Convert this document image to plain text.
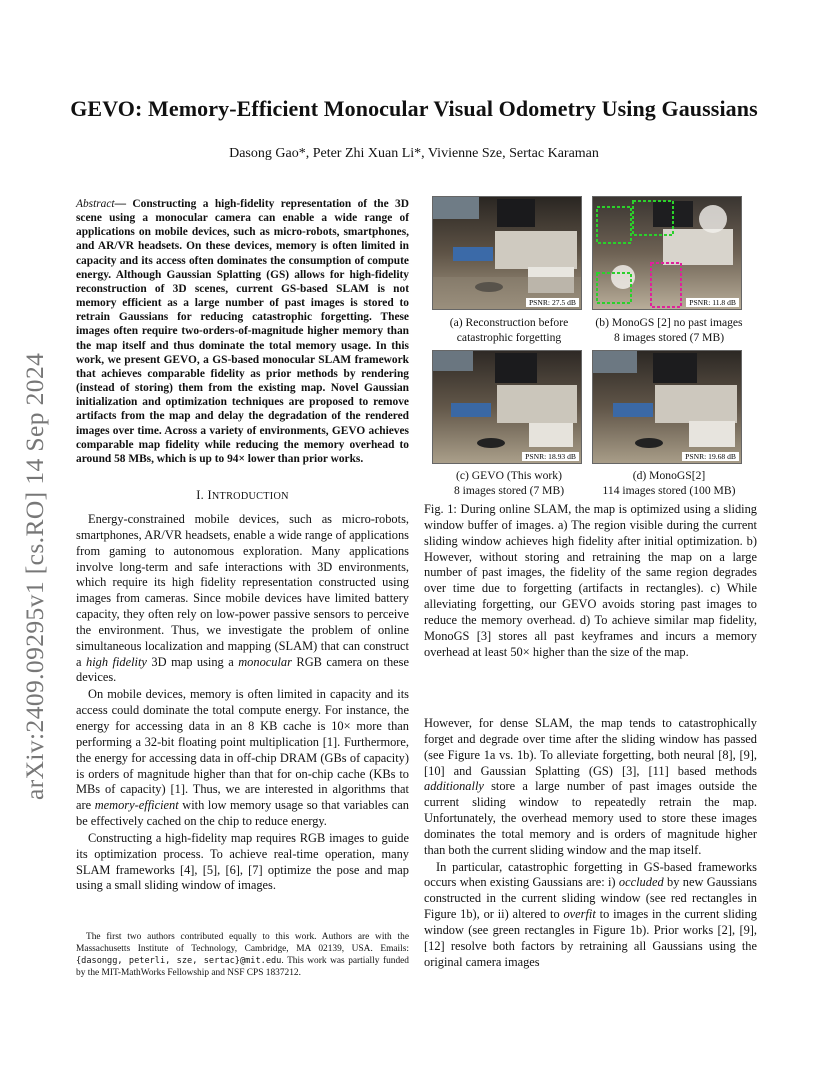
GEVO: Memory-Efficient Monocular Visual Odometry Using Gaussians
Dasong Gao*, Peter Zhi Xuan Li*, Vivienne Sze, Sertac Karaman
arXiv:2409.09295v1 [cs.RO] 14 Sep 2024
Abstract— Constructing a high-fidelity representation of the 3D scene using a monocular camera can enable a wide range of applications on mobile devices, such as micro-robots, smartphones, and AR/VR headsets. On these devices, memory is often limited in capacity and its access often dominates the consumption of compute energy. Although Gaussian Splatting (GS) allows for high-fidelity reconstruction of 3D scenes, current GS-based SLAM is not memory efficient as a large number of past images is stored to retrain Gaussians for reducing catastrophic forgetting. These images often require two-orders-of-magnitude higher memory than the map itself and thus dominate the total memory usage. In this work, we present GEVO, a GS-based monocular SLAM framework that achieves comparable fidelity as prior methods by rendering (instead of storing) them from the existing map. Novel Gaussian initialization and optimization techniques are proposed to remove artifacts from the map and delay the degradation of the rendered images over time. Across a variety of environments, GEVO achieves comparable map fidelity while reducing the memory overhead to around 58 MBs, which is up to 94× lower than prior works.
I. INTRODUCTION

Energy-constrained mobile devices, such as micro-robots, smartphones, AR/VR headsets, enable a wide range of applications from gaming to autonomous exploration. Many applications involve long-term and safe interactions with 3D environments, which require its high fidelity representation constructed using images from cameras. Since mobile devices have limited battery capacity, they often rely on low-power passive sensors to perceive the environment. Thus, we investigate the problem of online simultaneous localization and mapping (SLAM) that can construct a high fidelity 3D map using a monocular RGB camera on these devices.

On mobile devices, memory is often limited in capacity and its access could dominate the total compute energy. For instance, the energy for accessing data in an 8 KB cache is 10× more than performing a 32-bit floating point multiplication [1]. Furthermore, the energy for accessing data in off-chip DRAM (GBs of capacity) is orders of magnitude higher than that for on-chip cache (KBs to MBs of capacity) [1]. Thus, we are interested in algorithms that are memory-efficient with low memory usage so that variables can be effectively cached on the chip to reduce energy.

Constructing a high-fidelity map requires RGB images to guide its optimization process. To achieve real-time operation, many SLAM frameworks [4], [5], [6], [7] optimize the pose and map using a small sliding window of images.

The first two authors contributed equally to this work. Authors are with the Massachusetts Institute of Technology, Cambridge, MA 02139, USA. Emails: {dasongg, peterli, sze, sertac}@mit.edu. This work was partially funded by the MIT-MathWorks Fellowship and NSF CPS 1837212.

PSNR: 27.5 dB	PSNR: 11.8 dB
(a) Reconstruction before
catastrophic forgetting
(b) MonoGS [2] no past images
8 images stored (7 MB)
PSNR: 18.93 dB	PSNR: 19.68 dB
(c) GEVO (This work)
8 images stored (7 MB)
(d) MonoGS[2]
114 images stored (100 MB)
Fig. 1: During online SLAM, the map is optimized using a sliding window buffer of images. a) The region visible during the current sliding window achieves high fidelity after initial optimization. b) However, without storing and retraining the map on a large number of past images, the fidelity of the same region degrades over time due to forgetting (artifacts in rectangles). c) While alleviating forgetting, our GEVO avoids storing past images to reduce the memory overhead. d) To achieve similar map fidelity, MonoGS [3] stores all past keyframes and incurs a memory overhead at least 50× higher than the size of the map.

However, for dense SLAM, the map tends to catastrophically forget and degrade over time after the sliding window has passed (see Figure 1a vs. 1b). To alleviate forgetting, both neural [8], [9], [10] and Gaussian Splatting (GS) [3], [11] based methods additionally store a large number of past images outside the current sliding window to repeatedly retrain the map. Unfortunately, the overhead memory used to store these images dominates the total memory and is orders of magnitude higher than both the current sliding window and the map itself.

In particular, catastrophic forgetting in GS-based frameworks occurs when existing Gaussians are: i) occluded by new Gaussians constructed in the current sliding window (see red rectangles in Figure 1b), or ii) altered to overfit to images in the current sliding window (see green rectangles in Figure 1b). Prior works [2], [9], [12] resolve both factors by retraining all Gaussians using the original camera images
